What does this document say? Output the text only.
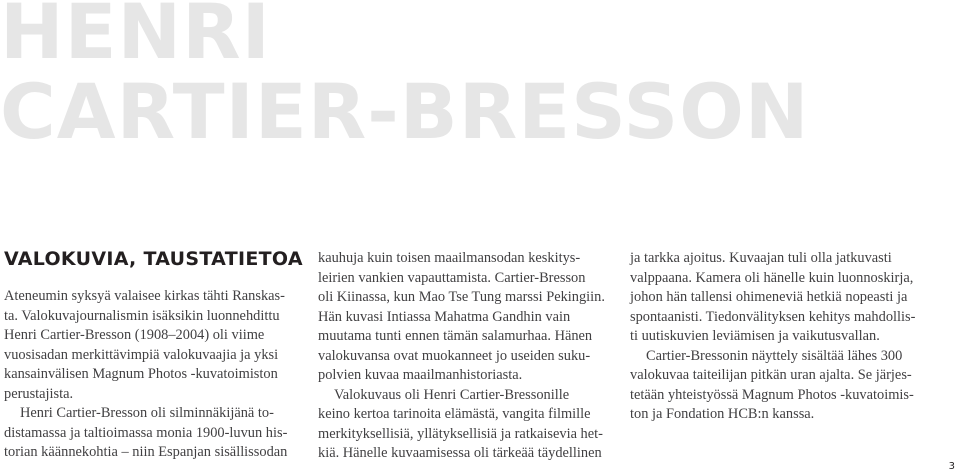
HENRI
CARTIER-BRESSON
VALOKUVIA, TAUSTATIETOA

Ateneumin syksyä valaisee kirkas tähti Ranskas-
ta. Valokuvajournalismin isäksikin luonnehdittu
Henri Cartier-Bresson (1908–2004) oli viime
vuosisadan merkittävimpiä valokuvaajia ja yksi
kansainvälisen Magnum Photos -kuvatoimiston
perustajista.

Henri Cartier-Bresson oli silminnäkijänä to-
distamassa ja taltioimassa monia 1900-luvun his-
torian käännekohtia – niin Espanjan sisällissodan

kauhuja kuin toisen maailmansodan keskitys-
leirien vankien vapauttamista. Cartier-Bresson
oli Kiinassa, kun Mao Tse Tung marssi Pekingiin.
Hän kuvasi Intiassa Mahatma Gandhin vain
muutama tunti ennen tämän salamurhaa. Hänen
valokuvansa ovat muokanneet jo useiden suku-
polvien kuvaa maailmanhistoriasta.

Valokuvaus oli Henri Cartier-Bressonille
keino kertoa tarinoita elämästä, vangita filmille
merkityksellisiä, yllätyksellisiä ja ratkaisevia het-
kiä. Hänelle kuvaamisessa oli tärkeää täydellinen

ja tarkka ajoitus. Kuvaajan tuli olla jatkuvasti
valppaana. Kamera oli hänelle kuin luonnoskirja,
johon hän tallensi ohimeneviä hetkiä nopeasti ja
spontaanisti. Tiedonvälityksen kehitys mahdollis-
ti uutiskuvien leviämisen ja vaikutusvallan.

Cartier-Bressonin näyttely sisältää lähes 300
valokuvaa taiteilijan pitkän uran ajalta. Se järjes-
tetään yhteistyössä Magnum Photos -kuvatoimis-
ton ja Fondation HCB:n kanssa.

3
